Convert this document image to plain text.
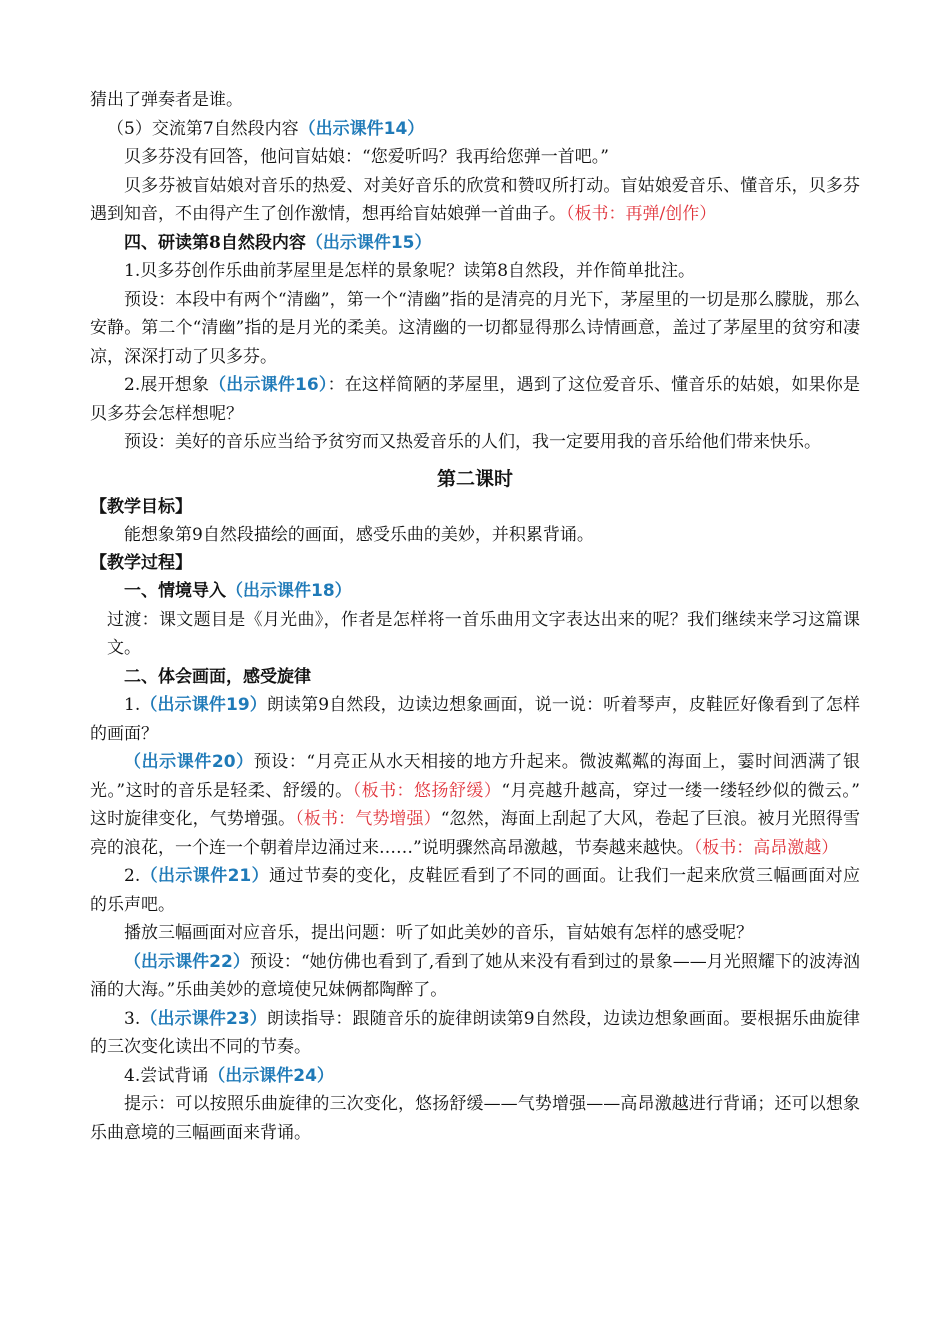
猜出了弹奏者是谁。
（5）交流第7自然段内容（出示课件14）
贝多芬没有回答，他问盲姑娘：“您爱听吗？我再给您弹一首吧。”
贝多芬被盲姑娘对音乐的热爱、对美好音乐的欣赏和赞叹所打动。盲姑娘爱音乐、懂音乐，贝多芬遇到知音，不由得产生了创作激情，想再给盲姑娘弹一首曲子。（板书：再弹/创作）
四、研读第8自然段内容（出示课件15）
1.贝多芬创作乐曲前茅屋里是怎样的景象呢？读第8自然段，并作简单批注。
预设：本段中有两个“清幽”，第一个“清幽”指的是清亮的月光下，茅屋里的一切是那么朦胧，那么安静。第二个“清幽”指的是月光的柔美。这清幽的一切都显得那么诗情画意，盖过了茅屋里的贫穷和凄凉，深深打动了贝多芬。
2.展开想象（出示课件16）：在这样简陋的茅屋里，遇到了这位爱音乐、懂音乐的姑娘，如果你是贝多芬会怎样想呢？
预设：美好的音乐应当给予贫穷而又热爱音乐的人们，我一定要用我的音乐给他们带来快乐。
第二课时
【教学目标】
能想象第9自然段描绘的画面，感受乐曲的美妙，并积累背诵。
【教学过程】
一、情境导入（出示课件18）
过渡：课文题目是《月光曲》，作者是怎样将一首乐曲用文字表达出来的呢？我们继续来学习这篇课文。
二、体会画面，感受旋律
1.（出示课件19）朗读第9自然段，边读边想象画面，说一说：听着琴声，皮鞋匠好像看到了怎样的画面？
（出示课件20）预设：“月亮正从水天相接的地方升起来。微波粼粼的海面上，霎时间洒满了银光。”这时的音乐是轻柔、舒缓的。（板书：悠扬舒缓）“月亮越升越高，穿过一缕一缕轻纱似的微云。” 这时旋律变化，气势增强。（板书：气势增强）“忽然，海面上刮起了大风，卷起了巨浪。被月光照得雪亮的浪花，一个连一个朝着岸边涌过来……”说明骤然高昂激越，节奏越来越快。（板书：高昂激越）
2.（出示课件21）通过节奏的变化，皮鞋匠看到了不同的画面。让我们一起来欣赏三幅画面对应的乐声吧。
播放三幅画面对应音乐，提出问题：听了如此美妙的音乐，盲姑娘有怎样的感受呢？
（出示课件22）预设：“她仿佛也看到了,看到了她从来没有看到过的景象——月光照耀下的波涛汹涌的大海。”乐曲美妙的意境使兄妹俩都陶醉了。
3.（出示课件23）朗读指导：跟随音乐的旋律朗读第9自然段，边读边想象画面。要根据乐曲旋律的三次变化读出不同的节奏。
4.尝试背诵（出示课件24）
提示：可以按照乐曲旋律的三次变化，悠扬舒缓——气势增强——高昂激越进行背诵；还可以想象乐曲意境的三幅画面来背诵。
